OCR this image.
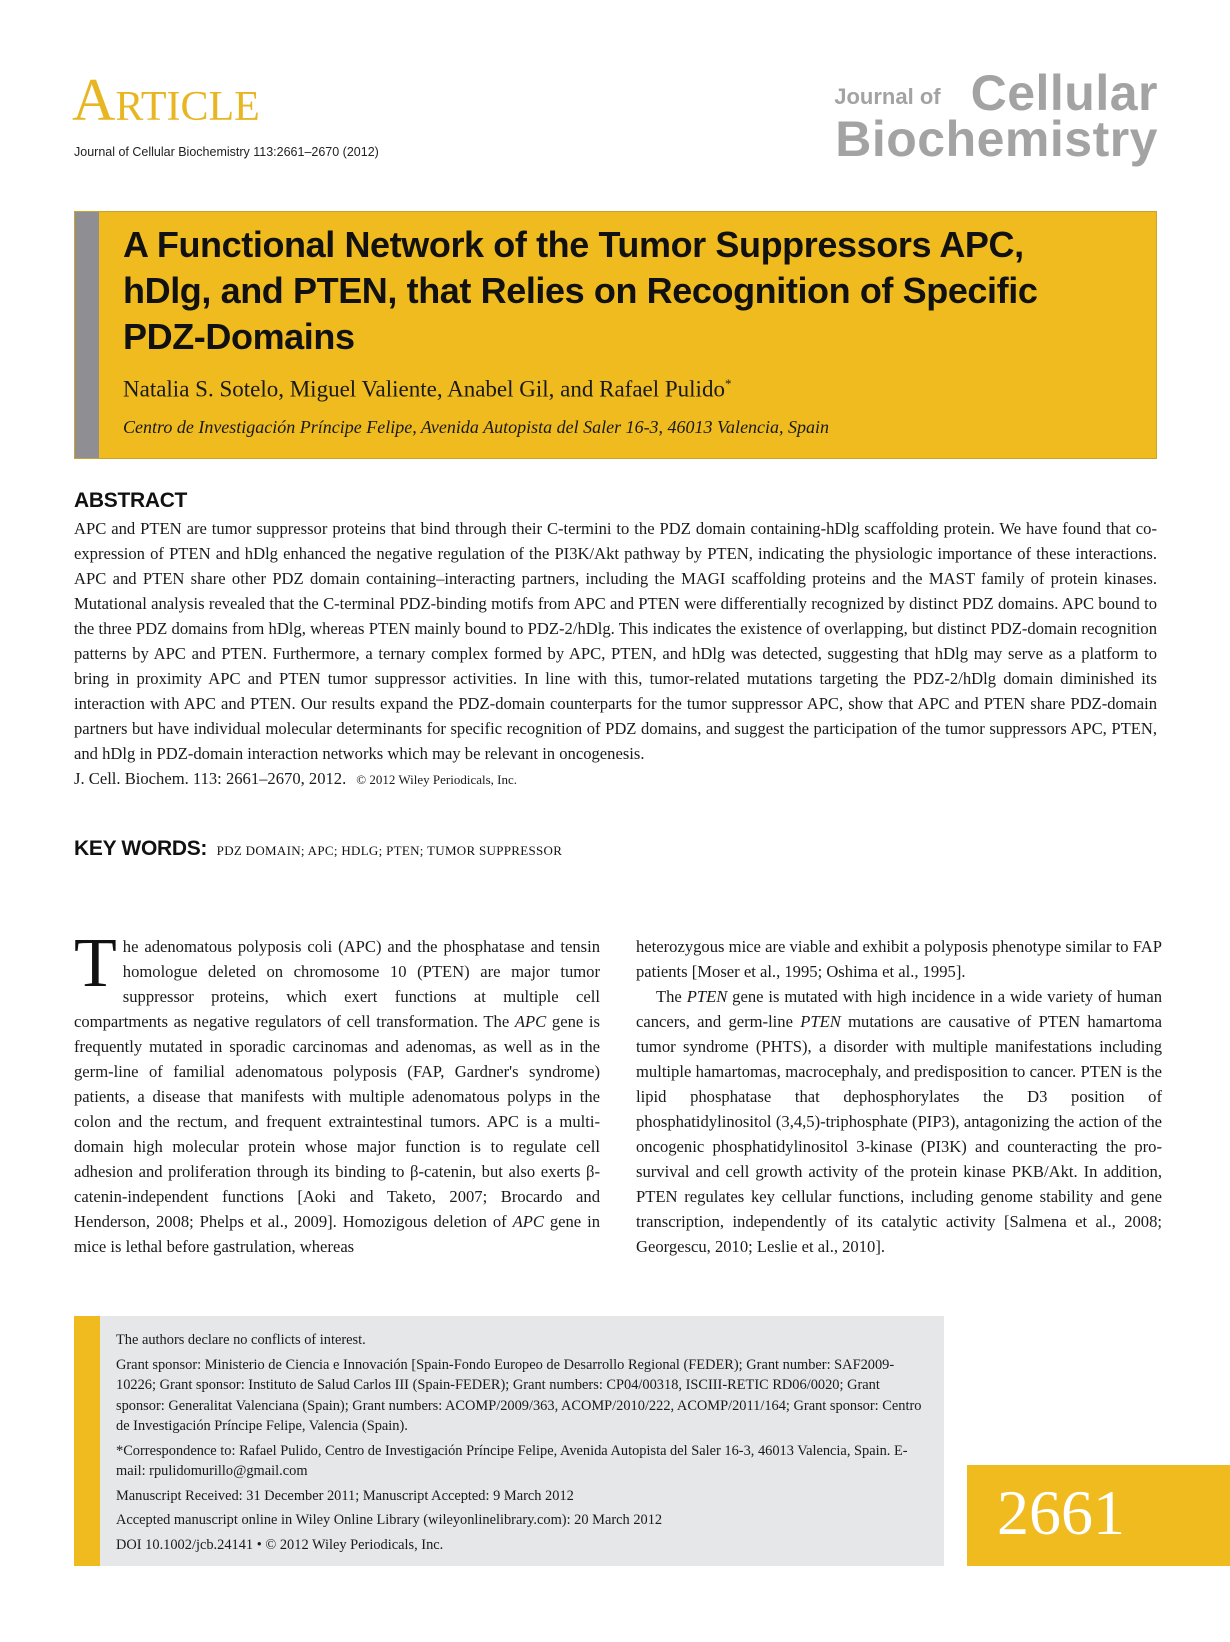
Article
Journal of Cellular Biochemistry 113:2661–2670 (2012)
Journal of Cellular
Biochemistry
A Functional Network of the Tumor Suppressors APC, hDlg, and PTEN, that Relies on Recognition of Specific PDZ-Domains
Natalia S. Sotelo, Miguel Valiente, Anabel Gil, and Rafael Pulido*
Centro de Investigación Príncipe Felipe, Avenida Autopista del Saler 16-3, 46013 Valencia, Spain
ABSTRACT
APC and PTEN are tumor suppressor proteins that bind through their C-termini to the PDZ domain containing-hDlg scaffolding protein. We have found that co-expression of PTEN and hDlg enhanced the negative regulation of the PI3K/Akt pathway by PTEN, indicating the physiologic importance of these interactions. APC and PTEN share other PDZ domain containing–interacting partners, including the MAGI scaffolding proteins and the MAST family of protein kinases. Mutational analysis revealed that the C-terminal PDZ-binding motifs from APC and PTEN were differentially recognized by distinct PDZ domains. APC bound to the three PDZ domains from hDlg, whereas PTEN mainly bound to PDZ-2/hDlg. This indicates the existence of overlapping, but distinct PDZ-domain recognition patterns by APC and PTEN. Furthermore, a ternary complex formed by APC, PTEN, and hDlg was detected, suggesting that hDlg may serve as a platform to bring in proximity APC and PTEN tumor suppressor activities. In line with this, tumor-related mutations targeting the PDZ-2/hDlg domain diminished its interaction with APC and PTEN. Our results expand the PDZ-domain counterparts for the tumor suppressor APC, show that APC and PTEN share PDZ-domain partners but have individual molecular determinants for specific recognition of PDZ domains, and suggest the participation of the tumor suppressors APC, PTEN, and hDlg in PDZ-domain interaction networks which may be relevant in oncogenesis.
J. Cell. Biochem. 113: 2661–2670, 2012. © 2012 Wiley Periodicals, Inc.
KEY WORDS: PDZ DOMAIN; APC; HDLG; PTEN; TUMOR SUPPRESSOR

The adenomatous polyposis coli (APC) and the phosphatase and tensin homologue deleted on chromosome 10 (PTEN) are major tumor suppressor proteins, which exert functions at multiple cell compartments as negative regulators of cell transformation. The APC gene is frequently mutated in sporadic carcinomas and adenomas, as well as in the germ-line of familial adenomatous polyposis (FAP, Gardner's syndrome) patients, a disease that manifests with multiple adenomatous polyps in the colon and the rectum, and frequent extraintestinal tumors. APC is a multi-domain high molecular protein whose major function is to regulate cell adhesion and proliferation through its binding to β-catenin, but also exerts β-catenin-independent functions [Aoki and Taketo, 2007; Brocardo and Henderson, 2008; Phelps et al., 2009]. Homozigous deletion of APC gene in mice is lethal before gastrulation, whereas

heterozygous mice are viable and exhibit a polyposis phenotype similar to FAP patients [Moser et al., 1995; Oshima et al., 1995].

The PTEN gene is mutated with high incidence in a wide variety of human cancers, and germ-line PTEN mutations are causative of PTEN hamartoma tumor syndrome (PHTS), a disorder with multiple manifestations including multiple hamartomas, macrocephaly, and predisposition to cancer. PTEN is the lipid phosphatase that dephosphorylates the D3 position of phosphatidylinositol (3,4,5)-triphosphate (PIP3), antagonizing the action of the oncogenic phosphatidylinositol 3-kinase (PI3K) and counteracting the pro-survival and cell growth activity of the protein kinase PKB/Akt. In addition, PTEN regulates key cellular functions, including genome stability and gene transcription, independently of its catalytic activity [Salmena et al., 2008; Georgescu, 2010; Leslie et al., 2010].

The authors declare no conflicts of interest.

Grant sponsor: Ministerio de Ciencia e Innovación [Spain-Fondo Europeo de Desarrollo Regional (FEDER); Grant number: SAF2009-10226; Grant sponsor: Instituto de Salud Carlos III (Spain-FEDER); Grant numbers: CP04/00318, ISCIII-RETIC RD06/0020; Grant sponsor: Generalitat Valenciana (Spain); Grant numbers: ACOMP/2009/363, ACOMP/2010/222, ACOMP/2011/164; Grant sponsor: Centro de Investigación Príncipe Felipe, Valencia (Spain).

*Correspondence to: Rafael Pulido, Centro de Investigación Príncipe Felipe, Avenida Autopista del Saler 16-3, 46013 Valencia, Spain. E-mail: rpulidomurillo@gmail.com

Manuscript Received: 31 December 2011; Manuscript Accepted: 9 March 2012

Accepted manuscript online in Wiley Online Library (wileyonlinelibrary.com): 20 March 2012

DOI 10.1002/jcb.24141 • © 2012 Wiley Periodicals, Inc.	2661
